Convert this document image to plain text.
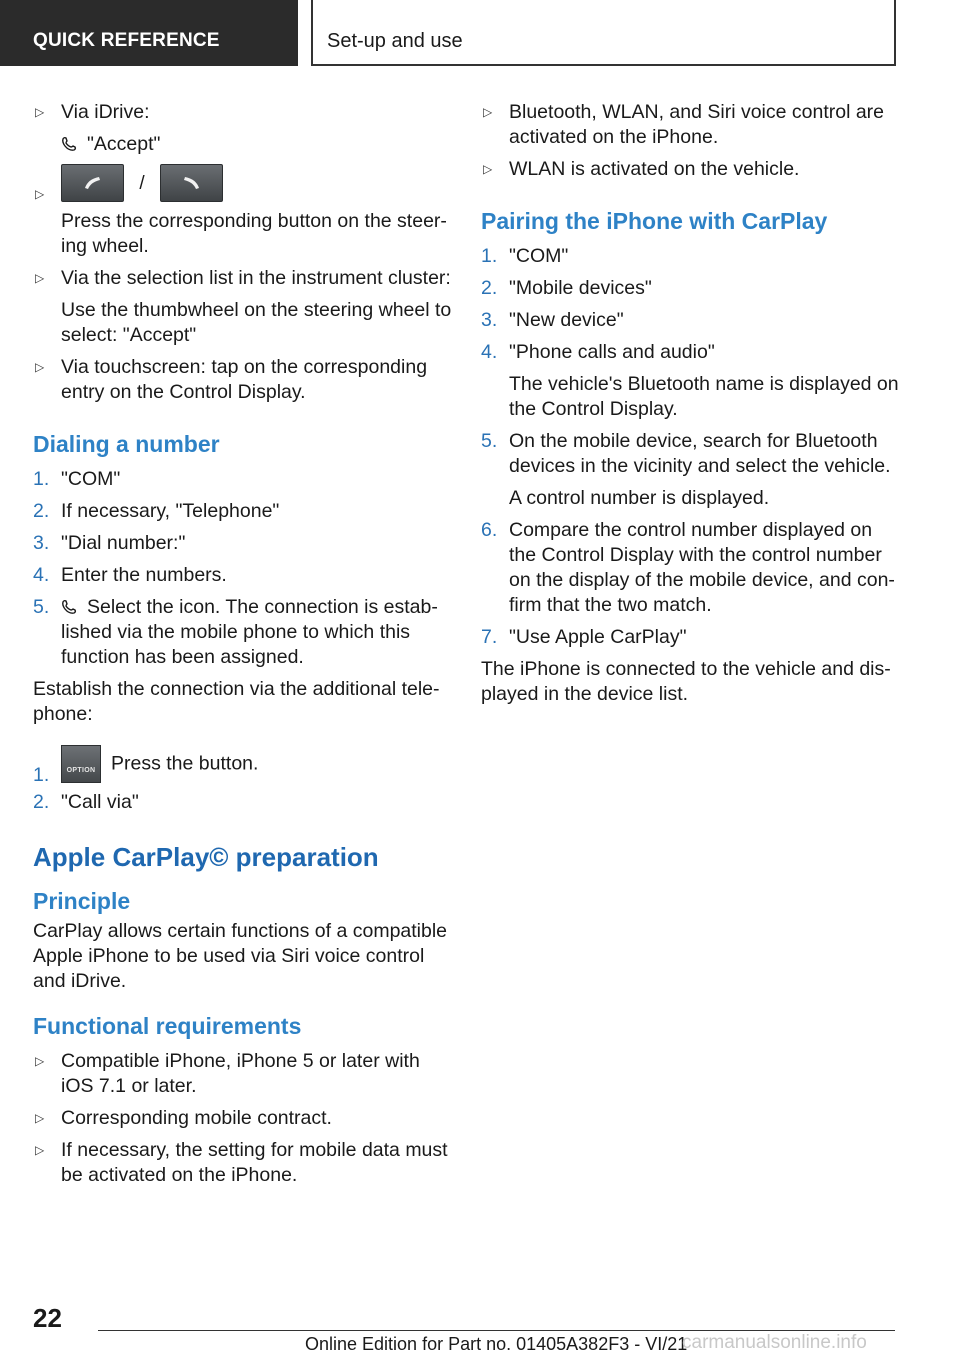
QUICK REFERENCE	Set-up and use
▷
Via iDrive:
"Accept"
▷
/
Press the corresponding button on the steer-ing wheel.
▷
Via the selection list in the instrument cluster:
Use the thumbwheel on the steering wheel to select: "Accept"
▷
Via touchscreen: tap on the corresponding entry on the Control Display.
Dialing a number
1. "COM"
2. If necessary, "Telephone"
3. "Dial number:"
4. Enter the numbers.
5. Select the icon. The connection is estab-lished via the mobile phone to which this function has been assigned.
Establish the connection via the additional tele-phone:
1.	OPTION Press the button.
2. "Call via"
Apple CarPlay© preparation
Principle
CarPlay allows certain functions of a compatible Apple iPhone to be used via Siri voice control and iDrive.
Functional requirements
▷
Compatible iPhone, iPhone 5 or later with iOS 7.1 or later.
▷
Corresponding mobile contract.
▷
If necessary, the setting for mobile data must be activated on the iPhone.
▷
Bluetooth, WLAN, and Siri voice control are activated on the iPhone.
▷
WLAN is activated on the vehicle.
Pairing the iPhone with CarPlay
1. "COM"
2. "Mobile devices"
3. "New device"
4. "Phone calls and audio"
The vehicle's Bluetooth name is displayed on the Control Display.
5. On the mobile device, search for Bluetooth devices in the vicinity and select the vehicle.
A control number is displayed.
6. Compare the control number displayed on the Control Display with the control number on the display of the mobile device, and con-firm that the two match.
7. "Use Apple CarPlay"
The iPhone is connected to the vehicle and dis-played in the device list.
22
Online Edition for Part no. 01405A382F3 - VI/21
carmanualsonline.info
